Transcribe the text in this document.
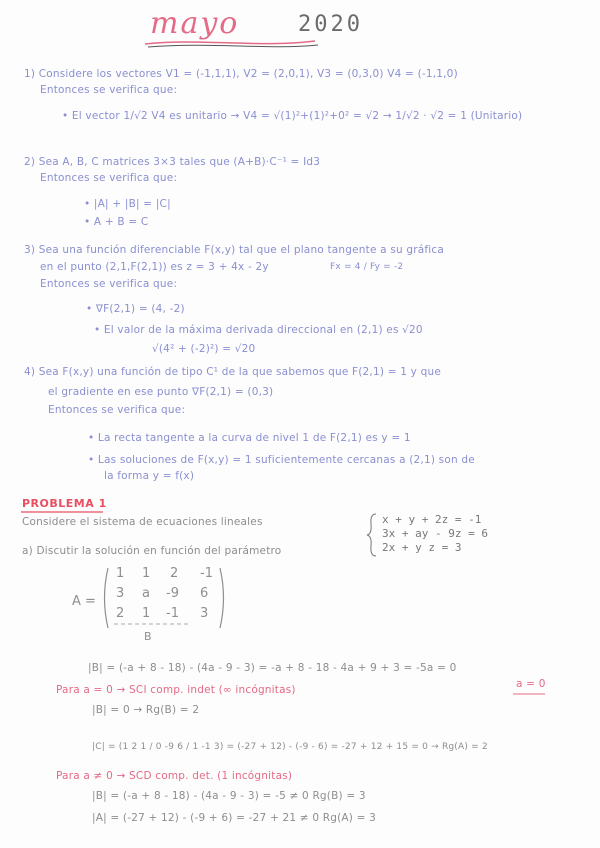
mayo	2020
1) Considere los vectores V1 = (-1,1,1), V2 = (2,0,1), V3 = (0,3,0) V4 = (-1,1,0)
Entonces se verifica que:
• El vector 1/√2 V4 es unitario → V4 = √(1)²+(1)²+0² = √2 → 1/√2 · √2 = 1 (Unitario)
2) Sea A, B, C matrices 3×3 tales que (A+B)·C⁻¹ = Id3
Entonces se verifica que:
• |A| + |B| = |C|
• A + B = C
3) Sea una función diferenciable F(x,y) tal que el plano tangente a su gráfica
en el punto (2,1,F(2,1)) es z = 3 + 4x - 2y	Fx = 4 / Fy = -2
Entonces se verifica que:
• ∇F(2,1) = (4, -2)
• El valor de la máxima derivada direccional en (2,1) es √20
√(4² + (-2)²) = √20
4) Sea F(x,y) una función de tipo C¹ de la que sabemos que F(2,1) = 1 y que
el gradiente en ese punto ∇F(2,1) = (0,3)
Entonces se verifica que:
• La recta tangente a la curva de nivel 1 de F(2,1) es y = 1
• Las soluciones de F(x,y) = 1 suficientemente cercanas a (2,1) son de
la forma y = f(x)
PROBLEMA 1
Considere el sistema de ecuaciones lineales	x + y + 2z = -1
3x + ay - 9z = 6
2x + y z = 3
a) Discutir la solución en función del parámetro
A =
1 1 2 -1
3 a -9 6
2 1 -1 3
B
|B| = (-a + 8 - 18) - (4a - 9 - 3) = -a + 8 - 18 - 4a + 9 + 3 = -5a = 0
a = 0
Para a = 0 → SCI comp. indet (∞ incógnitas)
|B| = 0 → Rg(B) = 2
|C| = (1 2 1 / 0 -9 6 / 1 -1 3) = (-27 + 12) - (-9 - 6) = -27 + 12 + 15 = 0 → Rg(A) = 2
Para a ≠ 0 → SCD comp. det. (1 incógnitas)
|B| = (-a + 8 - 18) - (4a - 9 - 3) = -5 ≠ 0 Rg(B) = 3
|A| = (-27 + 12) - (-9 + 6) = -27 + 21 ≠ 0 Rg(A) = 3
